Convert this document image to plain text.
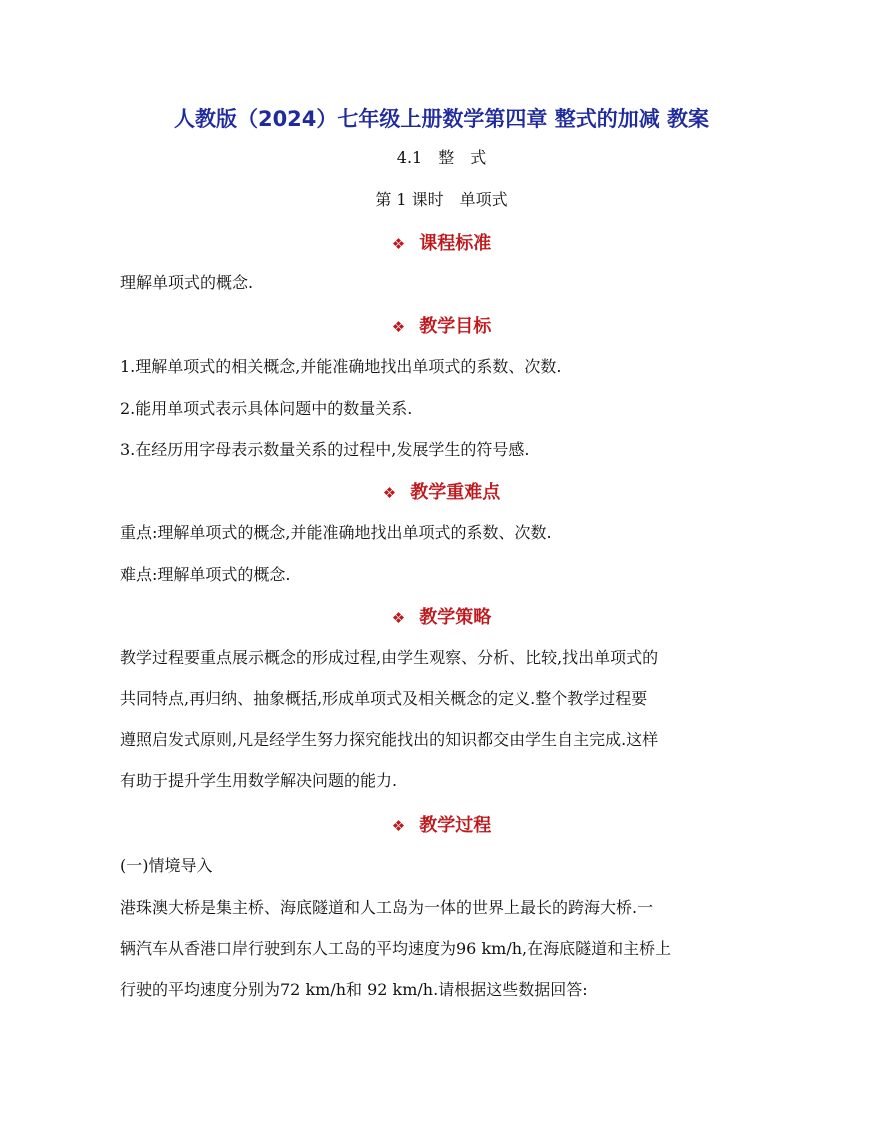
人教版（2024）七年级上册数学第四章 整式的加减 教案
4.1　整　式
第 1 课时　单项式
❖ 课程标准
理解单项式的概念.
❖ 教学目标
1.理解单项式的相关概念,并能准确地找出单项式的系数、次数.
2.能用单项式表示具体问题中的数量关系.
3.在经历用字母表示数量关系的过程中,发展学生的符号感.
❖ 教学重难点
重点:理解单项式的概念,并能准确地找出单项式的系数、次数.
难点:理解单项式的概念.
❖ 教学策略
教学过程要重点展示概念的形成过程,由学生观察、分析、比较,找出单项式的
共同特点,再归纳、抽象概括,形成单项式及相关概念的定义.整个教学过程要
遵照启发式原则,凡是经学生努力探究能找出的知识都交由学生自主完成.这样
有助于提升学生用数学解决问题的能力.
❖ 教学过程
(一)情境导入
港珠澳大桥是集主桥、海底隧道和人工岛为一体的世界上最长的跨海大桥.一
辆汽车从香港口岸行驶到东人工岛的平均速度为96 km/h,在海底隧道和主桥上
行驶的平均速度分别为72 km/h和 92 km/h.请根据这些数据回答:
